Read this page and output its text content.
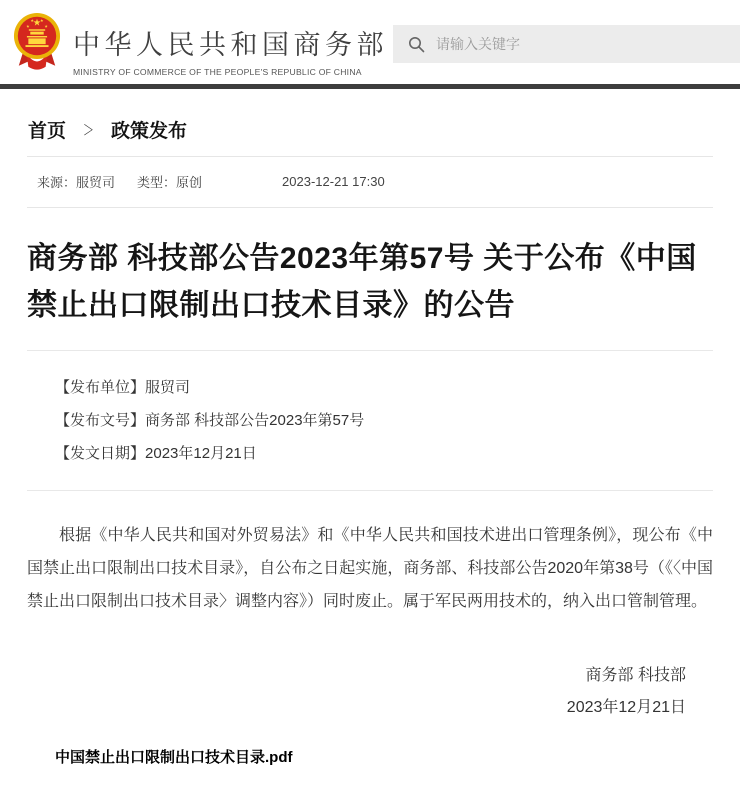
中华人民共和国商务部
MINISTRY OF COMMERCE OF THE PEOPLE'S REPUBLIC OF CHINA
请输入关键字
首页 ＞ 政策发布
来源：服贸司 类型：原创	2023-12-21 17:30
商务部 科技部公告2023年第57号 关于公布《中国禁止出口限制出口技术目录》的公告
【发布单位】服贸司
【发布文号】商务部 科技部公告2023年第57号
【发文日期】2023年12月21日

根据《中华人民共和国对外贸易法》和《中华人民共和国技术进出口管理条例》，现公布《中国禁止出口限制出口技术目录》，自公布之日起实施，商务部、科技部公告2020年第38号（《〈中国禁止出口限制出口技术目录〉调整内容》）同时废止。属于军民两用技术的，纳入出口管制管理。

商务部 科技部
2023年12月21日
中国禁止出口限制出口技术目录.pdf
